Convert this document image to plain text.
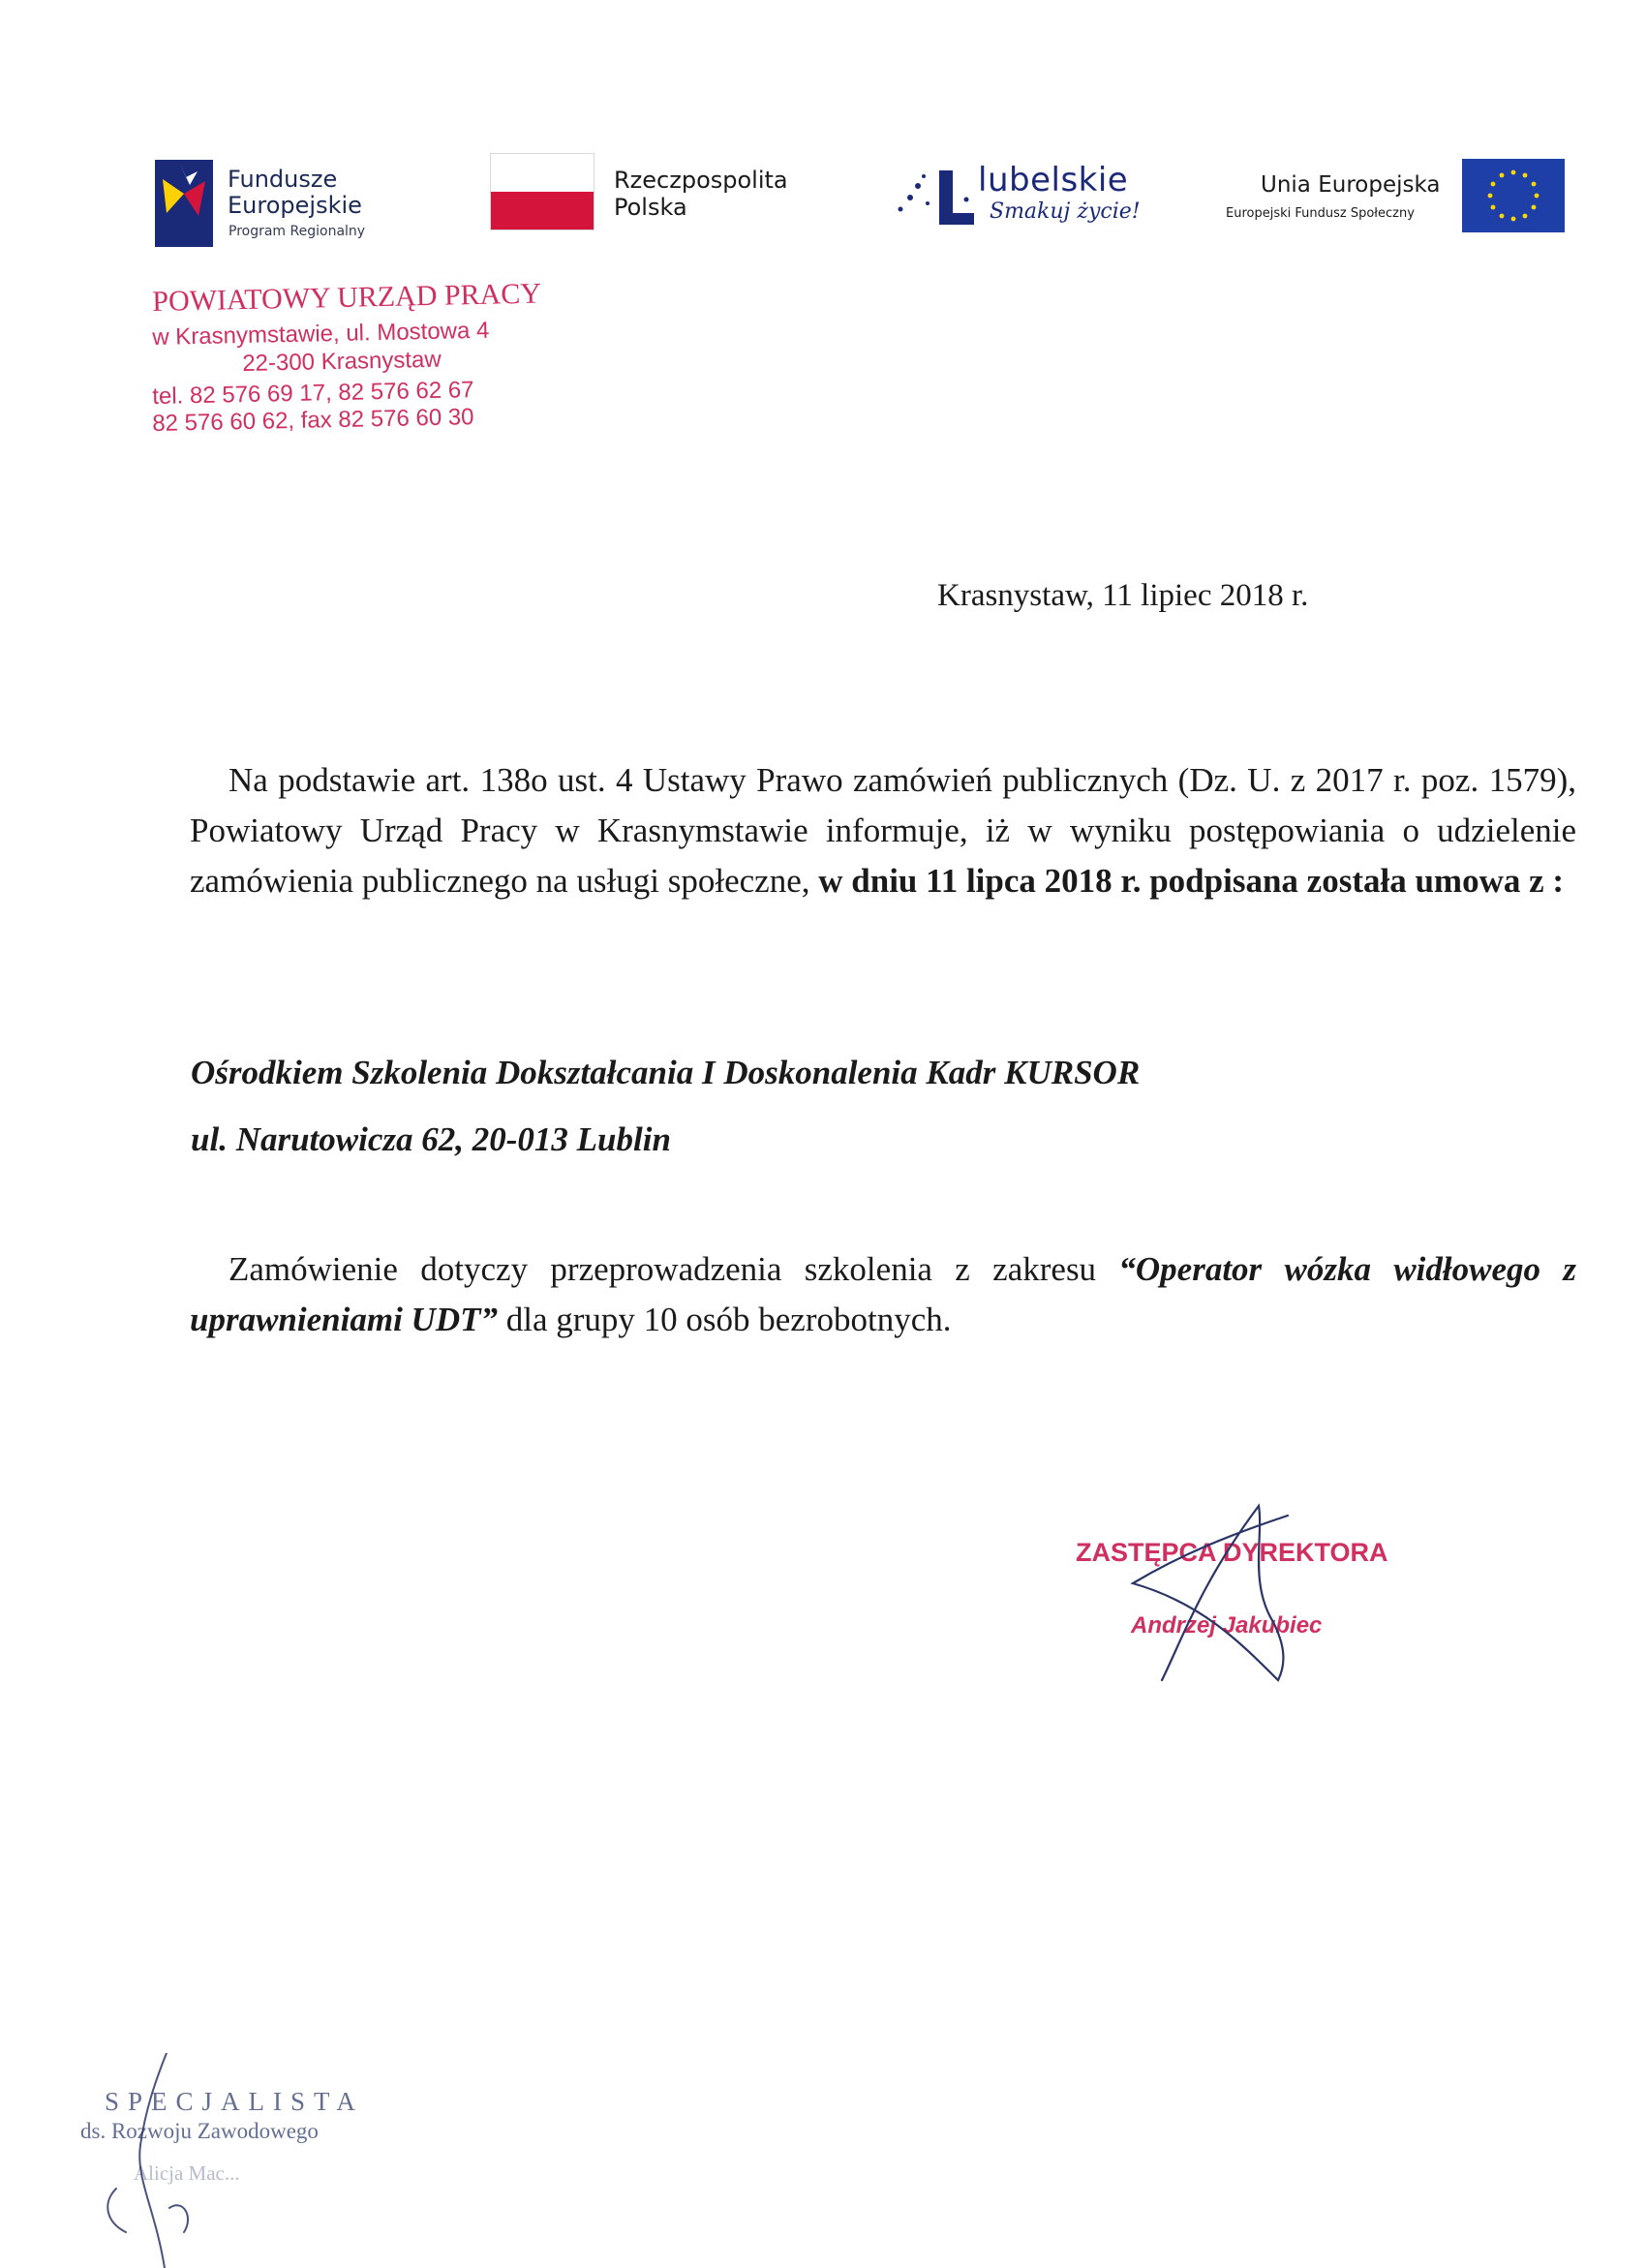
Fundusze
Europejskie
Program Regionalny
Rzeczpospolita
Polska
lubelskie
Smakuj życie!
Unia Europejska
Europejski Fundusz Społeczny
POWIATOWY URZĄD PRACY
w Krasnymstawie, ul. Mostowa 4
22-300 Krasnystaw
tel. 82 576 69 17, 82 576 62 67
82 576 60 62, fax 82 576 60 30
Krasnystaw, 11 lipiec 2018 r.
Na podstawie art. 138o ust. 4 Ustawy Prawo zamówień publicznych (Dz. U. z 2017 r. poz. 1579), Powiatowy Urząd Pracy w Krasnymstawie informuje, iż w wyniku postępowiania o udzielenie zamówienia publicznego na usługi społeczne, w dniu 11 lipca 2018 r. podpisana została umowa z :
Ośrodkiem Szkolenia Dokształcania I Doskonalenia Kadr KURSOR
ul. Narutowicza 62, 20-013 Lublin
Zamówienie dotyczy przeprowadzenia szkolenia z zakresu “Operator wózka widłowego z uprawnieniami UDT” dla grupy 10 osób bezrobotnych.
ZASTĘPCA DYREKTORA
Andrzej Jakubiec
SPECJALISTA
ds. Rozwoju Zawodowego
Alicja Mac...
